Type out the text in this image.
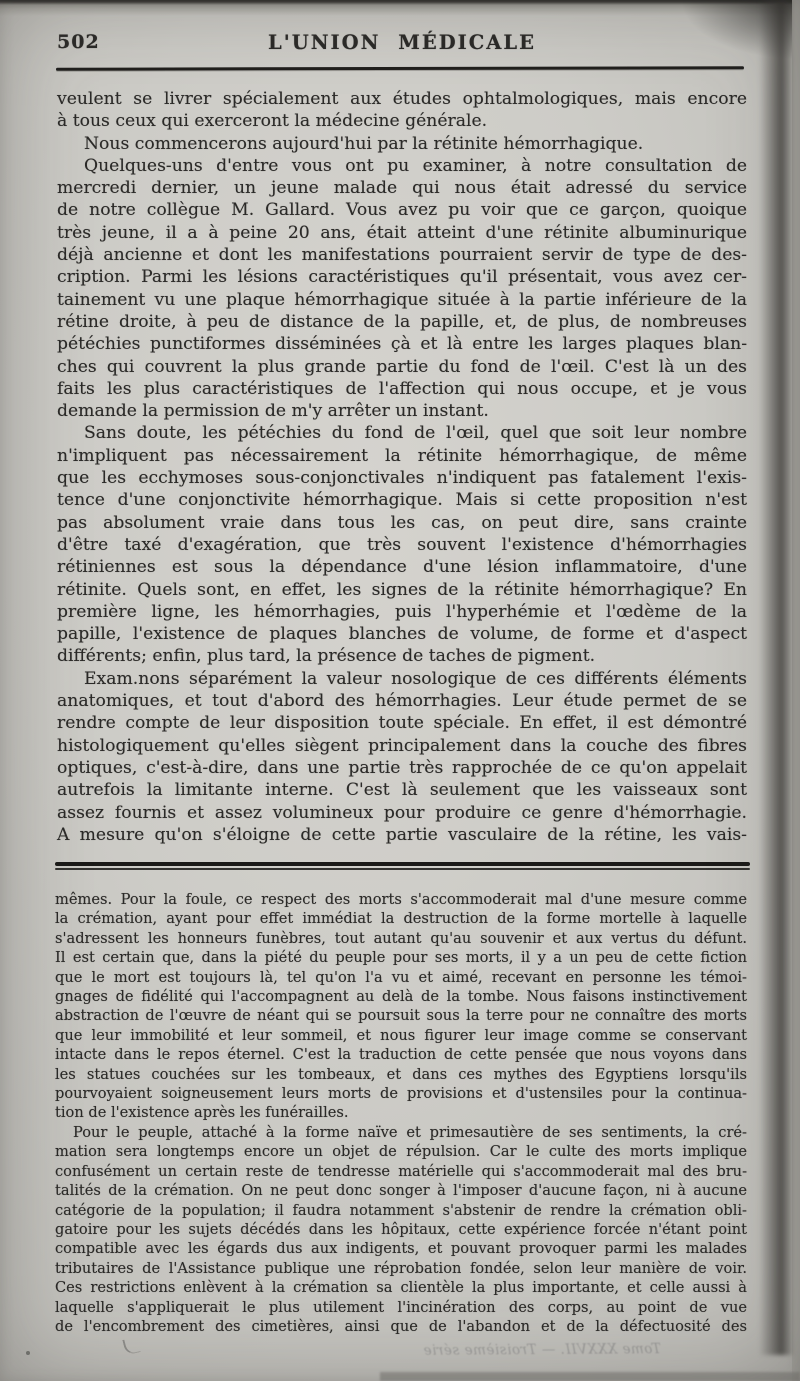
502	L'UNION MÉDICALE
veulent se livrer spécialement aux études ophtalmologiques, mais encore
à tous ceux qui exerceront la médecine générale.
Nous commencerons aujourd'hui par la rétinite hémorrhagique.
Quelques-uns d'entre vous ont pu examiner, à notre consultation de
mercredi dernier, un jeune malade qui nous était adressé du service
de notre collègue M. Gallard. Vous avez pu voir que ce garçon, quoique
très jeune, il a à peine 20 ans, était atteint d'une rétinite albuminurique
déjà ancienne et dont les manifestations pourraient servir de type de des-
cription. Parmi les lésions caractéristiques qu'il présentait, vous avez cer-
tainement vu une plaque hémorrhagique située à la partie inférieure de la
rétine droite, à peu de distance de la papille, et, de plus, de nombreuses
pétéchies punctiformes disséminées çà et là entre les larges plaques blan-
ches qui couvrent la plus grande partie du fond de l'œil. C'est là un des
faits les plus caractéristiques de l'affection qui nous occupe, et je vous
demande la permission de m'y arrêter un instant.
Sans doute, les pétéchies du fond de l'œil, quel que soit leur nombre
n'impliquent pas nécessairement la rétinite hémorrhagique, de même
que les ecchymoses sous-conjonctivales n'indiquent pas fatalement l'exis-
tence d'une conjonctivite hémorrhagique. Mais si cette proposition n'est
pas absolument vraie dans tous les cas, on peut dire, sans crainte
d'être taxé d'exagération, que très souvent l'existence d'hémorrhagies
rétiniennes est sous la dépendance d'une lésion inflammatoire, d'une
rétinite. Quels sont, en effet, les signes de la rétinite hémorrhagique? En
première ligne, les hémorrhagies, puis l'hyperhémie et l'œdème de la
papille, l'existence de plaques blanches de volume, de forme et d'aspect
différents; enfin, plus tard, la présence de taches de pigment.
Exam.nons séparément la valeur nosologique de ces différents éléments
anatomiques, et tout d'abord des hémorrhagies. Leur étude permet de se
rendre compte de leur disposition toute spéciale. En effet, il est démontré
histologiquement qu'elles siègent principalement dans la couche des fibres
optiques, c'est-à-dire, dans une partie très rapprochée de ce qu'on appelait
autrefois la limitante interne. C'est là seulement que les vaisseaux sont
assez fournis et assez volumineux pour produire ce genre d'hémorrhagie.
A mesure qu'on s'éloigne de cette partie vasculaire de la rétine, les vais-
mêmes. Pour la foule, ce respect des morts s'accommoderait mal d'une mesure comme
la crémation, ayant pour effet immédiat la destruction de la forme mortelle à laquelle
s'adressent les honneurs funèbres, tout autant qu'au souvenir et aux vertus du défunt.
Il est certain que, dans la piété du peuple pour ses morts, il y a un peu de cette fiction
que le mort est toujours là, tel qu'on l'a vu et aimé, recevant en personne les témoi-
gnages de fidélité qui l'accompagnent au delà de la tombe. Nous faisons instinctivement
abstraction de l'œuvre de néant qui se poursuit sous la terre pour ne connaître des morts
que leur immobilité et leur sommeil, et nous figurer leur image comme se conservant
intacte dans le repos éternel. C'est la traduction de cette pensée que nous voyons dans
les statues couchées sur les tombeaux, et dans ces mythes des Egyptiens lorsqu'ils
pourvoyaient soigneusement leurs morts de provisions et d'ustensiles pour la continua-
tion de l'existence après les funérailles.
Pour le peuple, attaché à la forme naïve et primesautière de ses sentiments, la cré-
mation sera longtemps encore un objet de répulsion. Car le culte des morts implique
confusément un certain reste de tendresse matérielle qui s'accommoderait mal des bru-
talités de la crémation. On ne peut donc songer à l'imposer d'aucune façon, ni à aucune
catégorie de la population; il faudra notamment s'abstenir de rendre la crémation obli-
gatoire pour les sujets décédés dans les hôpitaux, cette expérience forcée n'étant point
compatible avec les égards dus aux indigents, et pouvant provoquer parmi les malades
tributaires de l'Assistance publique une réprobation fondée, selon leur manière de voir.
Ces restrictions enlèvent à la crémation sa clientèle la plus importante, et celle aussi à
laquelle s'appliquerait le plus utilement l'incinération des corps, au point de vue
de l'encombrement des cimetières, ainsi que de l'abandon et de la défectuosité des
Tome XXXVII. — Troisième série
